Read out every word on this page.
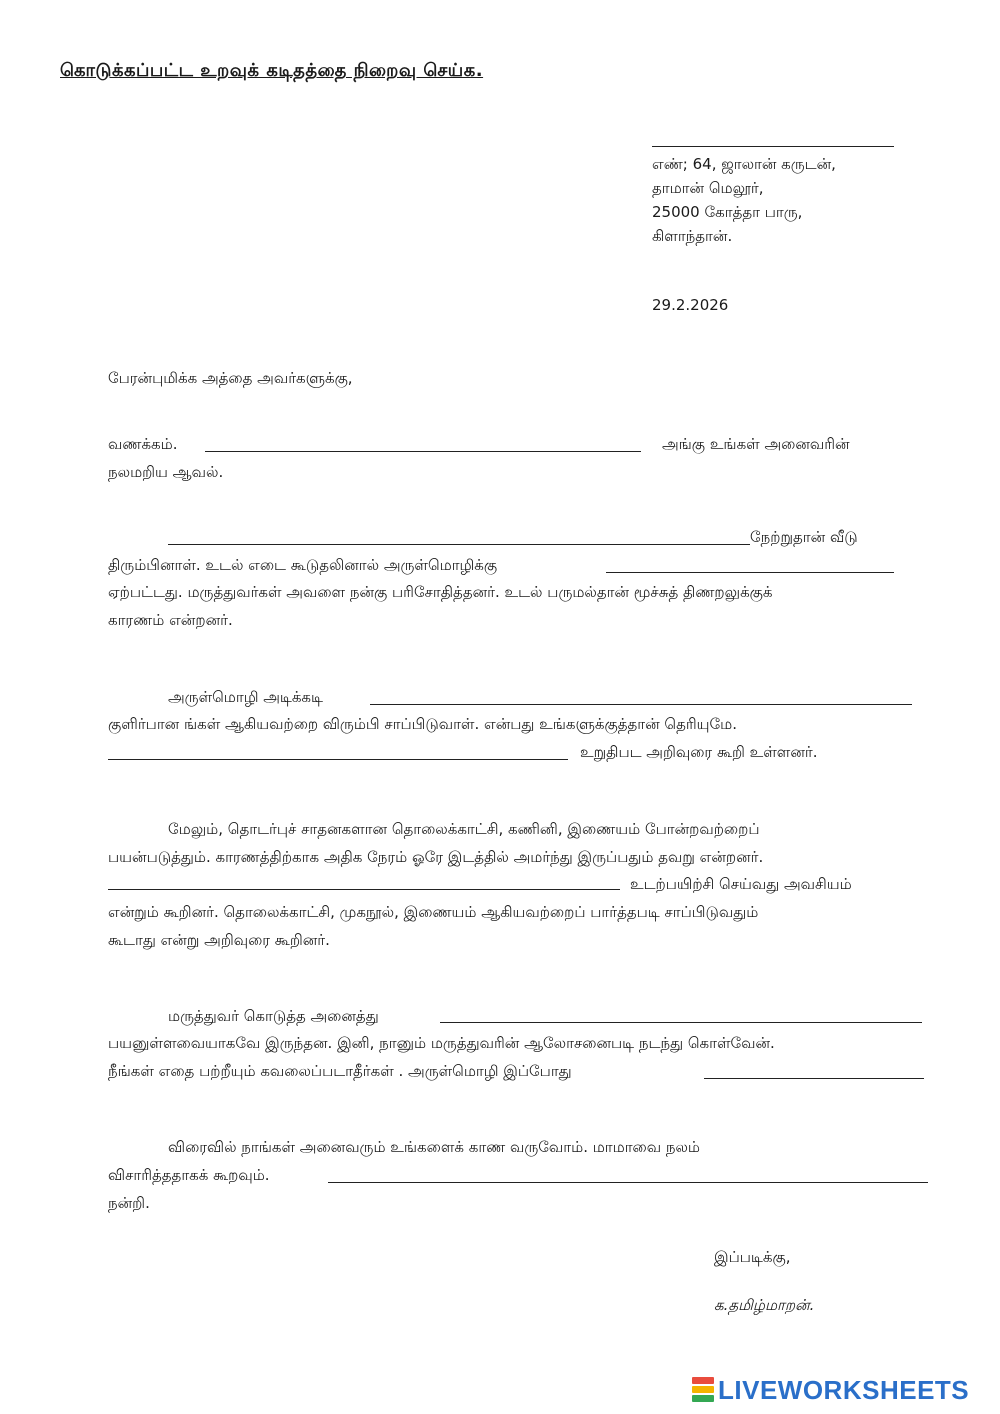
கொடுக்கப்பட்ட உறவுக் கடிதத்தை நிறைவு செய்க.
எண்; 64, ஜாலான் கருடன்,
தாமான் மெலூர்,
25000 கோத்தா பாரு,
கிளாந்தான்.
29.2.2026
பேரன்புமிக்க அத்தை அவர்களுக்கு,
வணக்கம்.	அங்கு உங்கள் அனைவரின்
நலமறிய ஆவல்.
நேற்றுதான் வீடு
திரும்பினாள். உடல் எடை கூடுதலினால் அருள்மொழிக்கு
ஏற்பட்டது. மருத்துவர்கள் அவளை நன்கு பரிசோதித்தனர். உடல் பருமல்தான் மூச்சுத் திணறலுக்குக்
காரணம் என்றனர்.
அருள்மொழி அடிக்கடி
குளிர்பான ங்கள் ஆகியவற்றை விரும்பி சாப்பிடுவாள். என்பது உங்களுக்குத்தான் தெரியுமே.
உறுதிபட அறிவுரை கூறி உள்ளனர்.
மேலும், தொடர்புச் சாதனகளான தொலைக்காட்சி, கணினி, இணையம் போன்றவற்றைப்
பயன்படுத்தும். காரணத்திற்காக அதிக நேரம் ஓரே இடத்தில் அமர்ந்து இருப்பதும் தவறு என்றனர்.
உடற்பயிற்சி செய்வது அவசியம்
என்றும் கூறினர். தொலைக்காட்சி, முகநூல், இணையம் ஆகியவற்றைப் பார்த்தபடி சாப்பிடுவதும்
கூடாது என்று அறிவுரை கூறினர்.
மருத்துவர் கொடுத்த அனைத்து
பயனுள்ளவையாகவே இருந்தன. இனி, நானும் மருத்துவரின் ஆலோசனைபடி நடந்து கொள்வேன்.
நீங்கள் எதை பற்றீயும் கவலைப்படாதீர்கள் . அருள்மொழி இப்போது
விரைவில் நாங்கள் அனைவரும் உங்களைக் காண வருவோம். மாமாவை நலம்
விசாரித்ததாகக் கூறவும்.
நன்றி.
இப்படிக்கு,
க.தமிழ்மாறன்.
LIVEWORKSHEETS
